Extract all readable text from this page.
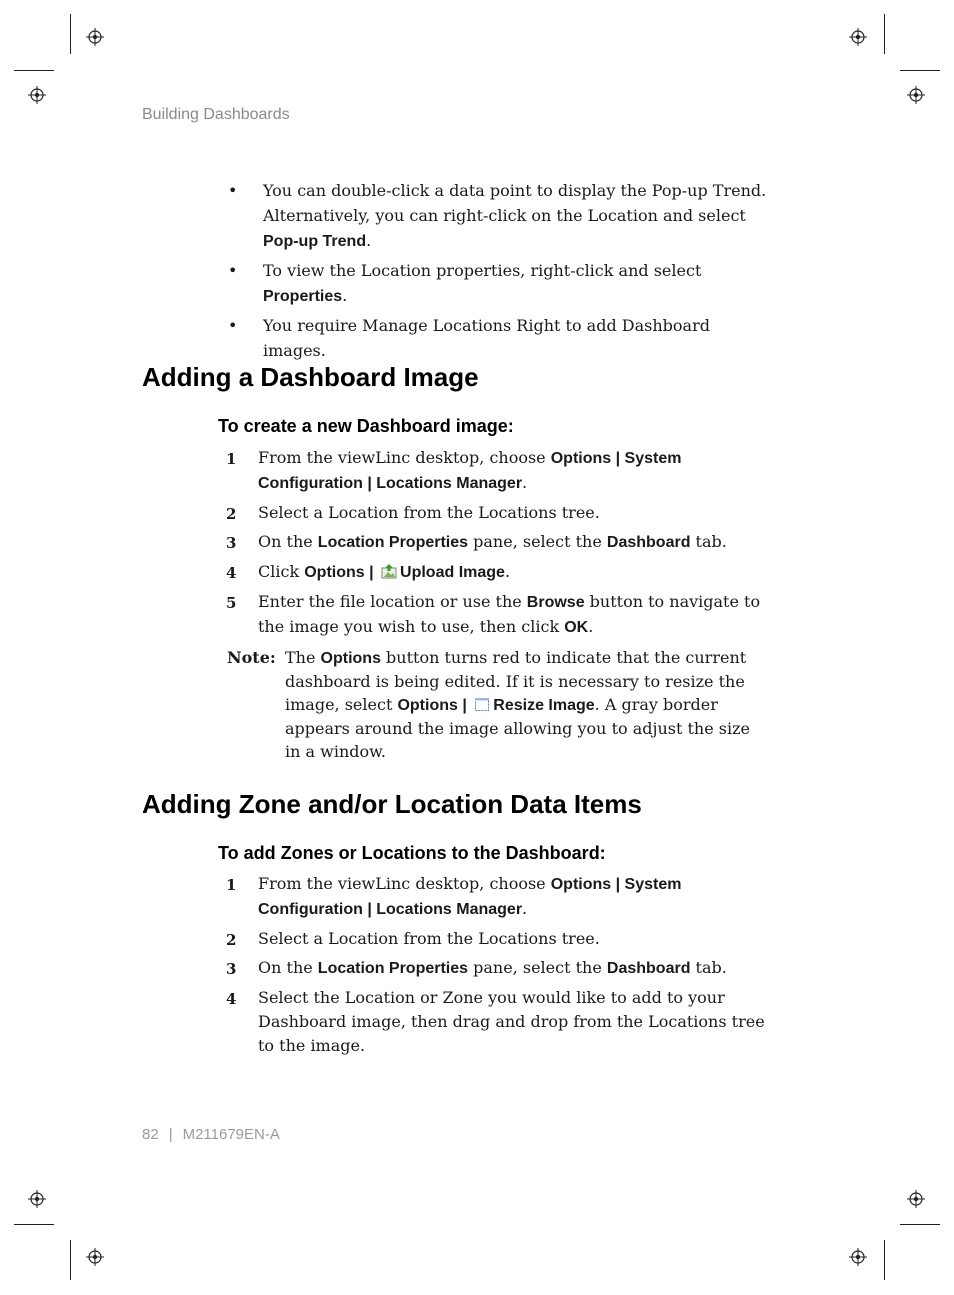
Building Dashboards
• You can double-click a data point to display the Pop-up Trend. Alternatively, you can right-click on the Location and select Pop-up Trend.
• To view the Location properties, right-click and select Properties.
• You require Manage Locations Right to add Dashboard images.
Adding a Dashboard Image
To create a new Dashboard image:
1 From the viewLinc desktop, choose Options | System Configuration | Locations Manager.
2 Select a Location from the Locations tree.
3 On the Location Properties pane, select the Dashboard tab.
4 Click Options | Upload Image.
5 Enter the file location or use the Browse button to navigate to the image you wish to use, then click OK.
Note: The Options button turns red to indicate that the current dashboard is being edited. If it is necessary to resize the image, select Options | Resize Image. A gray border appears around the image allowing you to adjust the size in a window.
Adding Zone and/or Location Data Items
To add Zones or Locations to the Dashboard:
1 From the viewLinc desktop, choose Options | System Configuration | Locations Manager.
2 Select a Location from the Locations tree.
3 On the Location Properties pane, select the Dashboard tab.
4 Select the Location or Zone you would like to add to your Dashboard image, then drag and drop from the Locations tree to the image.
82 | M211679EN-A
